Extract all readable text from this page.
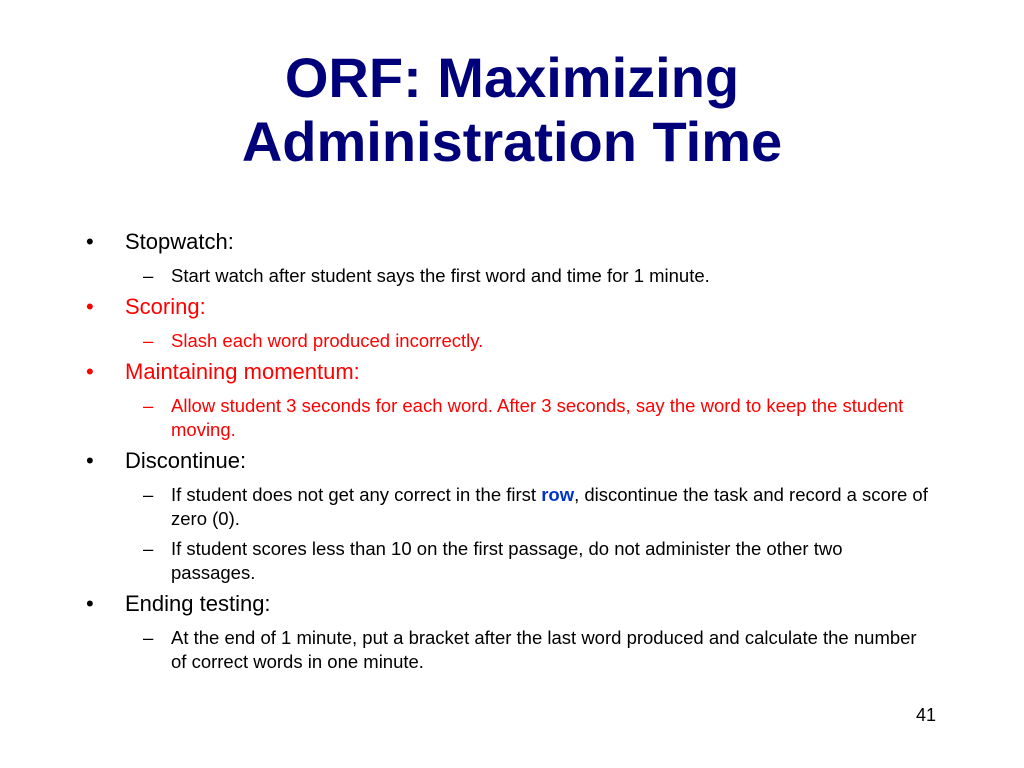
ORF: Maximizing
Administration Time
• Stopwatch:
– Start watch after student says the first word and time for 1 minute.
• Scoring:
– Slash each word produced incorrectly.
• Maintaining momentum:
– Allow student 3 seconds for each word. After 3 seconds, say the word to keep the student moving.
• Discontinue:
– If student does not get any correct in the first row, discontinue the task and record a score of zero (0).
– If student scores less than 10 on the first passage, do not administer the other two passages.
• Ending testing:
– At the end of 1 minute, put a bracket after the last word produced and calculate the number of correct words in one minute.
41
